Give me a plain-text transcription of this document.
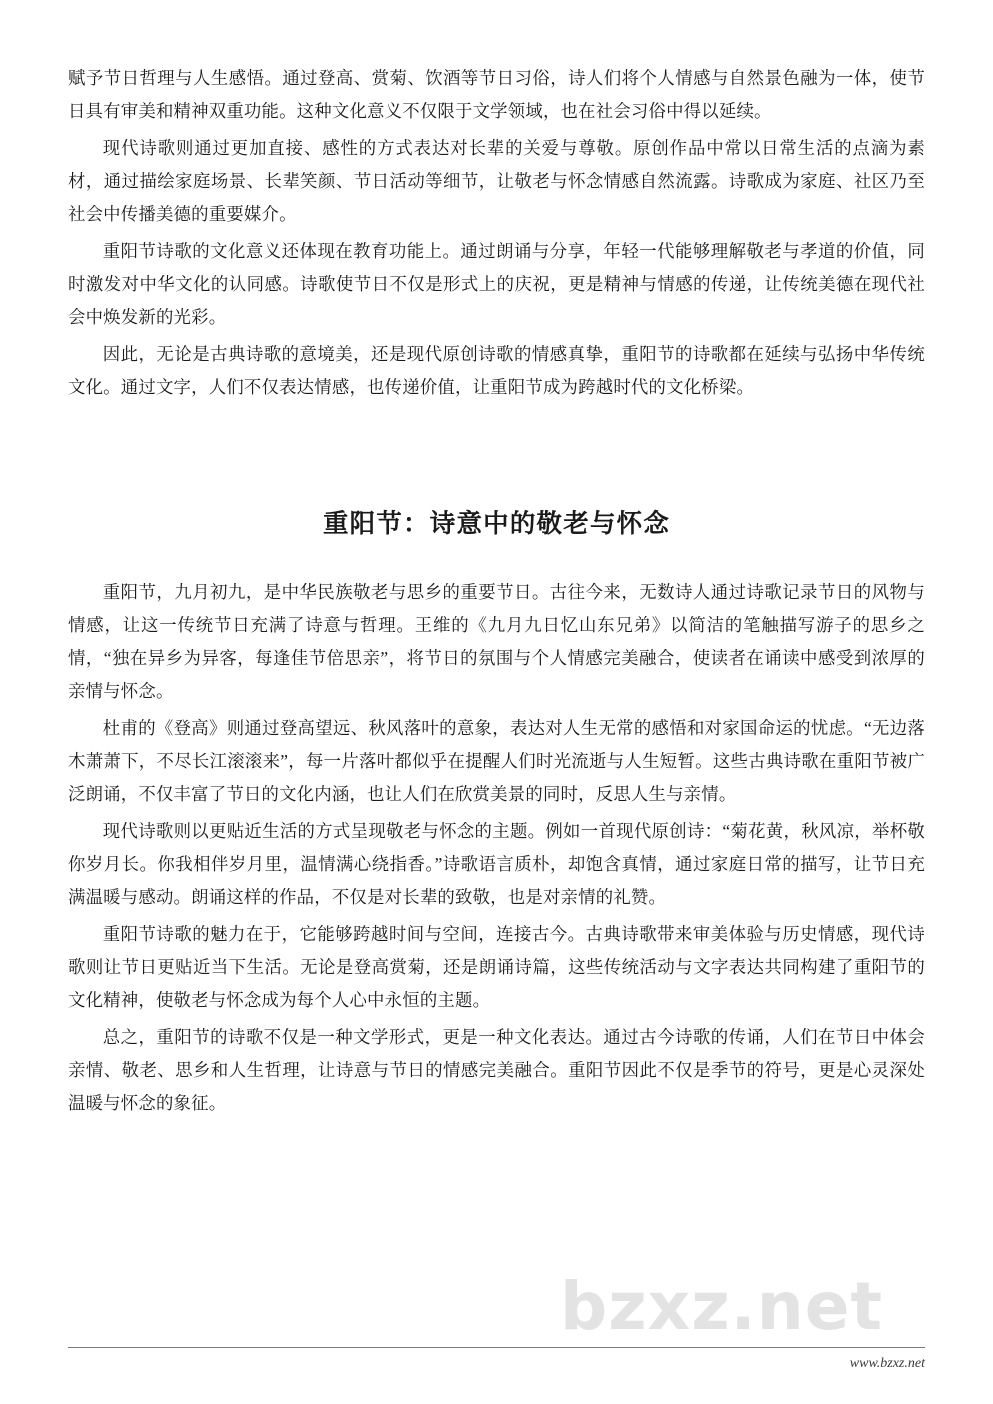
bzxz.net

赋予节日哲理与人生感悟。通过登高、赏菊、饮酒等节日习俗，诗人们将个人情感与自然景色融为一体，使节日具有审美和精神双重功能。这种文化意义不仅限于文学领域，也在社会习俗中得以延续。

现代诗歌则通过更加直接、感性的方式表达对长辈的关爱与尊敬。原创作品中常以日常生活的点滴为素材，通过描绘家庭场景、长辈笑颜、节日活动等细节，让敬老与怀念情感自然流露。诗歌成为家庭、社区乃至社会中传播美德的重要媒介。

重阳节诗歌的文化意义还体现在教育功能上。通过朗诵与分享，年轻一代能够理解敬老与孝道的价值，同时激发对中华文化的认同感。诗歌使节日不仅是形式上的庆祝，更是精神与情感的传递，让传统美德在现代社会中焕发新的光彩。

因此，无论是古典诗歌的意境美，还是现代原创诗歌的情感真挚，重阳节的诗歌都在延续与弘扬中华传统文化。通过文字，人们不仅表达情感，也传递价值，让重阳节成为跨越时代的文化桥梁。

重阳节：诗意中的敬老与怀念

重阳节，九月初九，是中华民族敬老与思乡的重要节日。古往今来，无数诗人通过诗歌记录节日的风物与情感，让这一传统节日充满了诗意与哲理。王维的《九月九日忆山东兄弟》以简洁的笔触描写游子的思乡之情，“独在异乡为异客，每逢佳节倍思亲”，将节日的氛围与个人情感完美融合，使读者在诵读中感受到浓厚的亲情与怀念。

杜甫的《登高》则通过登高望远、秋风落叶的意象，表达对人生无常的感悟和对家国命运的忧虑。“无边落木萧萧下，不尽长江滚滚来”，每一片落叶都似乎在提醒人们时光流逝与人生短暂。这些古典诗歌在重阳节被广泛朗诵，不仅丰富了节日的文化内涵，也让人们在欣赏美景的同时，反思人生与亲情。

现代诗歌则以更贴近生活的方式呈现敬老与怀念的主题。例如一首现代原创诗：“菊花黄，秋风凉，举杯敬你岁月长。你我相伴岁月里，温情满心绕指香。”诗歌语言质朴，却饱含真情，通过家庭日常的描写，让节日充满温暖与感动。朗诵这样的作品，不仅是对长辈的致敬，也是对亲情的礼赞。

重阳节诗歌的魅力在于，它能够跨越时间与空间，连接古今。古典诗歌带来审美体验与历史情感，现代诗歌则让节日更贴近当下生活。无论是登高赏菊，还是朗诵诗篇，这些传统活动与文字表达共同构建了重阳节的文化精神，使敬老与怀念成为每个人心中永恒的主题。

总之，重阳节的诗歌不仅是一种文学形式，更是一种文化表达。通过古今诗歌的传诵，人们在节日中体会亲情、敬老、思乡和人生哲理，让诗意与节日的情感完美融合。重阳节因此不仅是季节的符号，更是心灵深处温暖与怀念的象征。

www.bzxz.net
